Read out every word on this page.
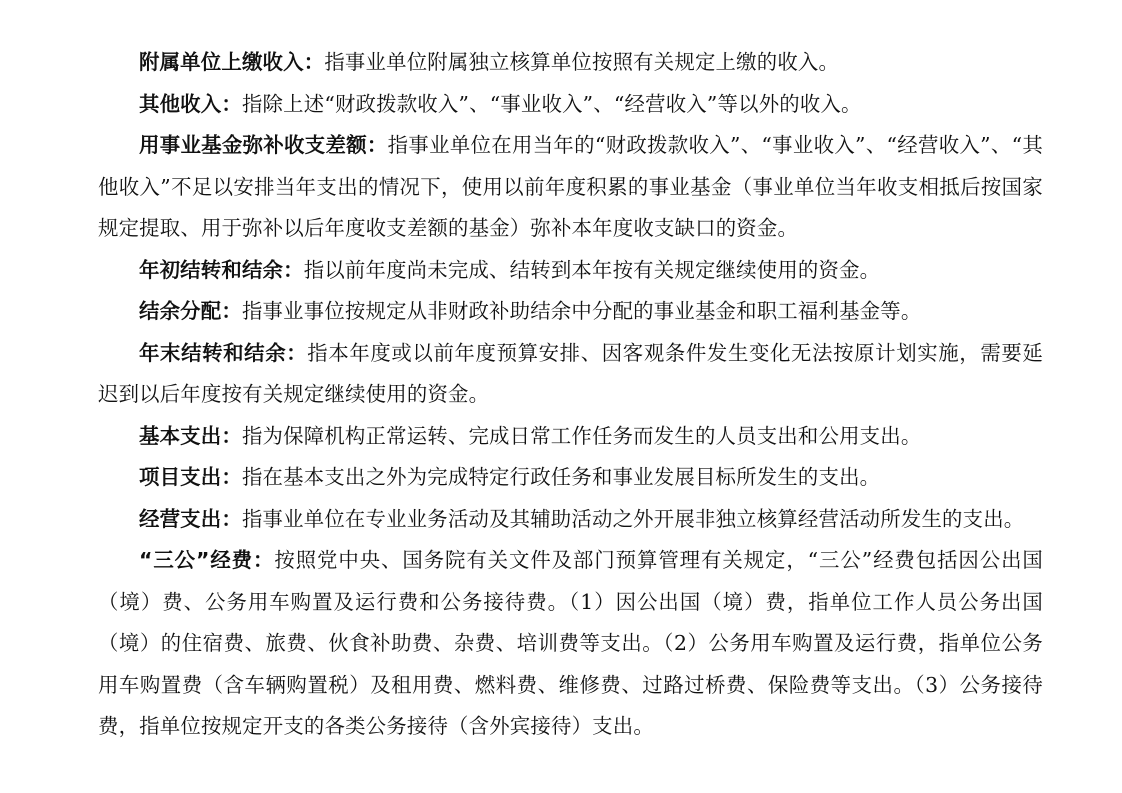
附属单位上缴收入：指事业单位附属独立核算单位按照有关规定上缴的收入。

其他收入：指除上述“财政拨款收入”、“事业收入”、“经营收入”等以外的收入。

用事业基金弥补收支差额：指事业单位在用当年的“财政拨款收入”、“事业收入”、“经营收入”、“其他收入”不足以安排当年支出的情况下，使用以前年度积累的事业基金（事业单位当年收支相抵后按国家规定提取、用于弥补以后年度收支差额的基金）弥补本年度收支缺口的资金。

年初结转和结余：指以前年度尚未完成、结转到本年按有关规定继续使用的资金。

结余分配：指事业事位按规定从非财政补助结余中分配的事业基金和职工福利基金等。

年末结转和结余：指本年度或以前年度预算安排、因客观条件发生变化无法按原计划实施，需要延迟到以后年度按有关规定继续使用的资金。

基本支出：指为保障机构正常运转、完成日常工作任务而发生的人员支出和公用支出。

项目支出：指在基本支出之外为完成特定行政任务和事业发展目标所发生的支出。

经营支出：指事业单位在专业业务活动及其辅助活动之外开展非独立核算经营活动所发生的支出。

“三公”经费：按照党中央、国务院有关文件及部门预算管理有关规定，“三公”经费包括因公出国（境）费、公务用车购置及运行费和公务接待费。（1）因公出国（境）费，指单位工作人员公务出国（境）的住宿费、旅费、伙食补助费、杂费、培训费等支出。（2）公务用车购置及运行费，指单位公务用车购置费（含车辆购置税）及租用费、燃料费、维修费、过路过桥费、保险费等支出。（3）公务接待费，指单位按规定开支的各类公务接待（含外宾接待）支出。
